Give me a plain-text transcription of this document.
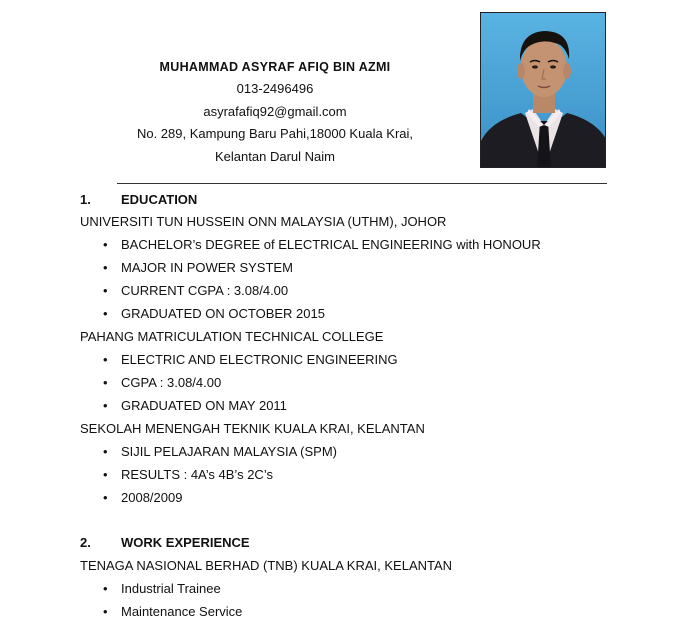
MUHAMMAD ASYRAF AFIQ BIN AZMI
013-2496496
asyrafafiq92@gmail.com
No. 289, Kampung Baru Pahi,18000 Kuala Krai,
Kelantan Darul Naim
1. EDUCATION
UNIVERSITI TUN HUSSEIN ONN MALAYSIA (UTHM), JOHOR
• BACHELOR’s DEGREE of ELECTRICAL ENGINEERING with HONOUR
• MAJOR IN POWER SYSTEM
• CURRENT CGPA : 3.08/4.00
• GRADUATED ON OCTOBER 2015
PAHANG MATRICULATION TECHNICAL COLLEGE
• ELECTRIC AND ELECTRONIC ENGINEERING
• CGPA : 3.08/4.00
• GRADUATED ON MAY 2011
SEKOLAH MENENGAH TEKNIK KUALA KRAI, KELANTAN
• SIJIL PELAJARAN MALAYSIA (SPM)
• RESULTS : 4A’s 4B’s 2C’s
• 2008/2009
2. WORK EXPERIENCE
TENAGA NASIONAL BERHAD (TNB) KUALA KRAI, KELANTAN
• Industrial Trainee
• Maintenance Service
